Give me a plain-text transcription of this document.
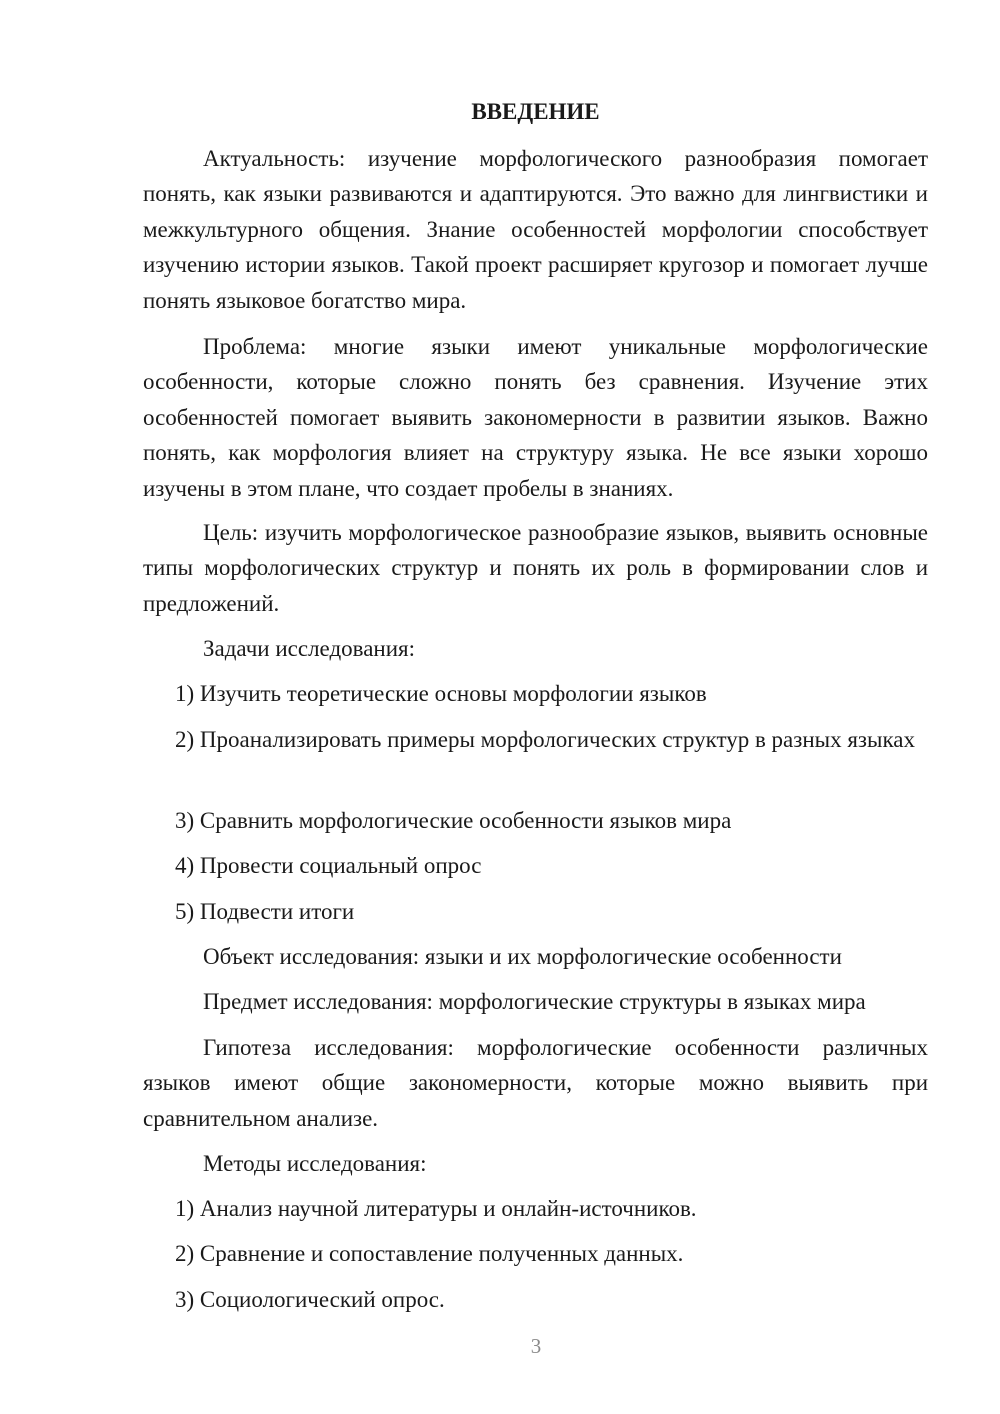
ВВЕДЕНИЕ
Актуальность: изучение морфологического разнообразия помогает понять, как языки развиваются и адаптируются. Это важно для лингвистики и межкультурного общения. Знание особенностей морфологии способствует изучению истории языков. Такой проект расширяет кругозор и помогает лучше понять языковое богатство мира.
Проблема: многие языки имеют уникальные морфологические особенности, которые сложно понять без сравнения. Изучение этих особенностей помогает выявить закономерности в развитии языков. Важно понять, как морфология влияет на структуру языка. Не все языки хорошо изучены в этом плане, что создает пробелы в знаниях.
Цель: изучить морфологическое разнообразие языков, выявить основные типы морфологических структур и понять их роль в формировании слов и предложений.
Задачи исследования:
1) Изучить теоретические основы морфологии языков
2) Проанализировать примеры морфологических структур в разных языках
3) Сравнить морфологические особенности языков мира
4) Провести социальный опрос
5) Подвести итоги
Объект исследования: языки и их морфологические особенности
Предмет исследования: морфологические структуры в языках мира
Гипотеза исследования: морфологические особенности различных языков имеют общие закономерности, которые можно выявить при сравнительном анализе.
Методы исследования:
1) Анализ научной литературы и онлайн-источников.
2) Сравнение и сопоставление полученных данных.
3) Социологический опрос.
3
